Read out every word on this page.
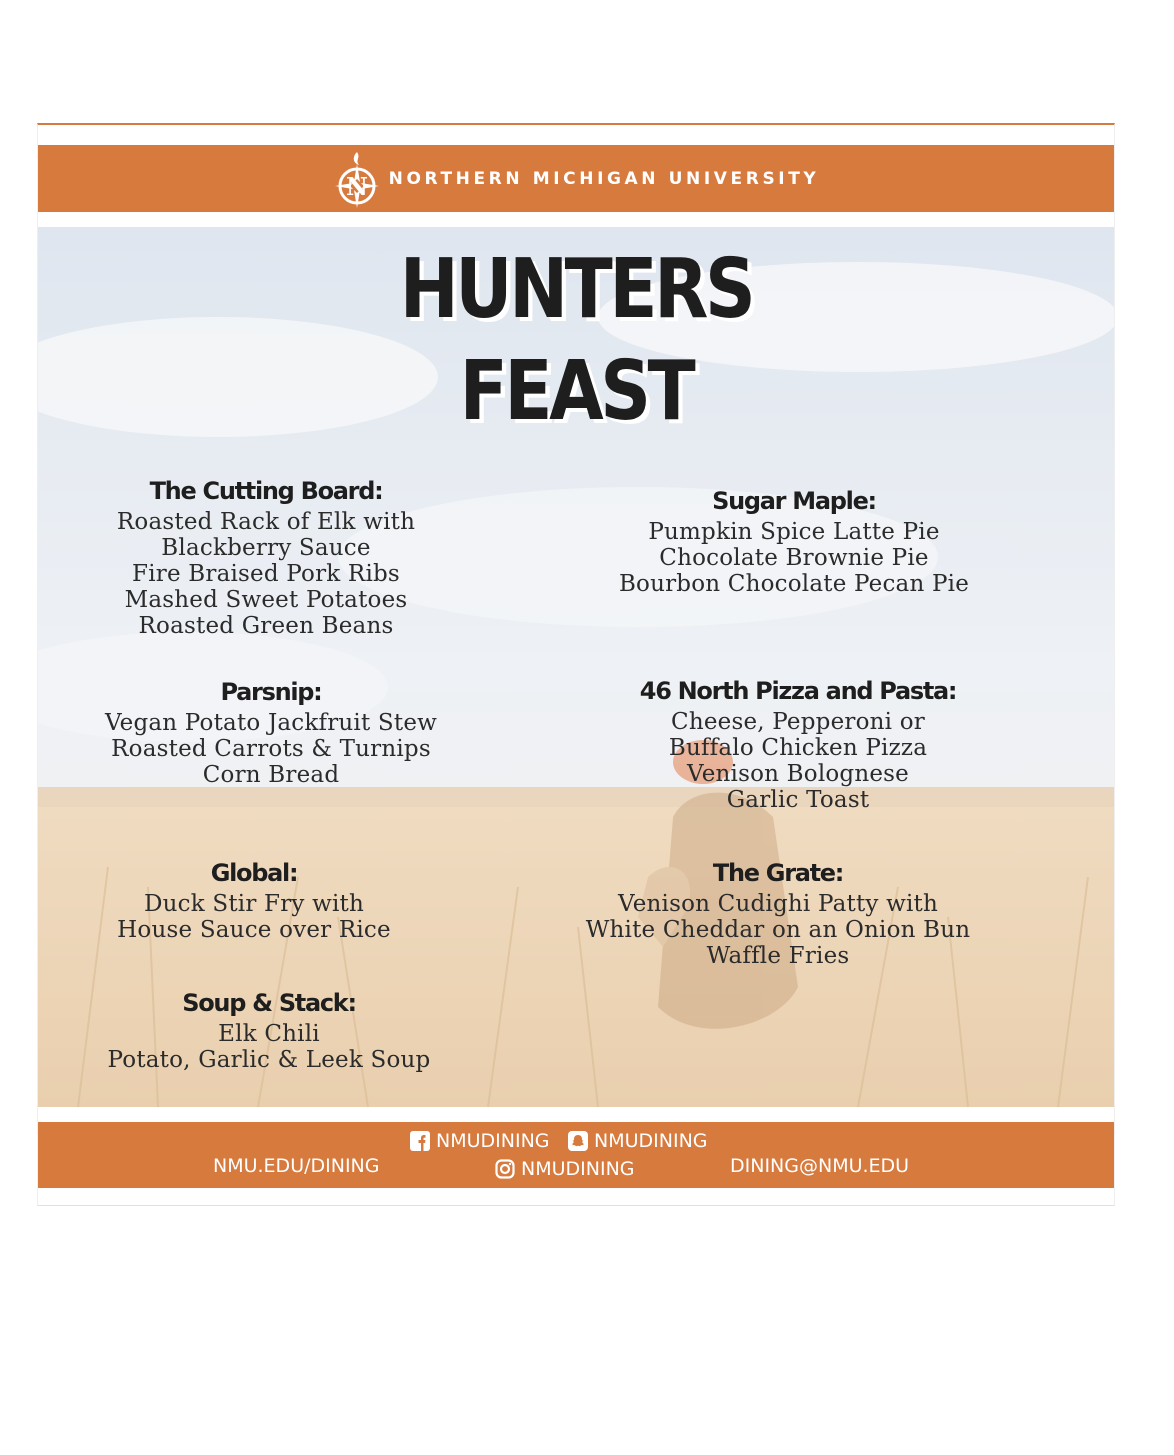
N NORTHERN MICHIGAN UNIVERSITY
HUNTERS
FEAST
The Cutting Board:
Roasted Rack of Elk with
Blackberry Sauce
Fire Braised Pork Ribs
Mashed Sweet Potatoes
Roasted Green Beans
Sugar Maple:
Pumpkin Spice Latte Pie
Chocolate Brownie Pie
Bourbon Chocolate Pecan Pie
Parsnip:
Vegan Potato Jackfruit Stew
Roasted Carrots & Turnips
Corn Bread
46 North Pizza and Pasta:
Cheese, Pepperoni or
Buffalo Chicken Pizza
Venison Bolognese
Garlic Toast
Global:
Duck Stir Fry with
House Sauce over Rice
The Grate:
Venison Cudighi Patty with
White Cheddar on an Onion Bun
Waffle Fries
Soup & Stack:
Elk Chili
Potato, Garlic & Leek Soup
NMU.EDU/DINING
NMUDINING NMUDINING
NMUDINING	DINING@NMU.EDU
